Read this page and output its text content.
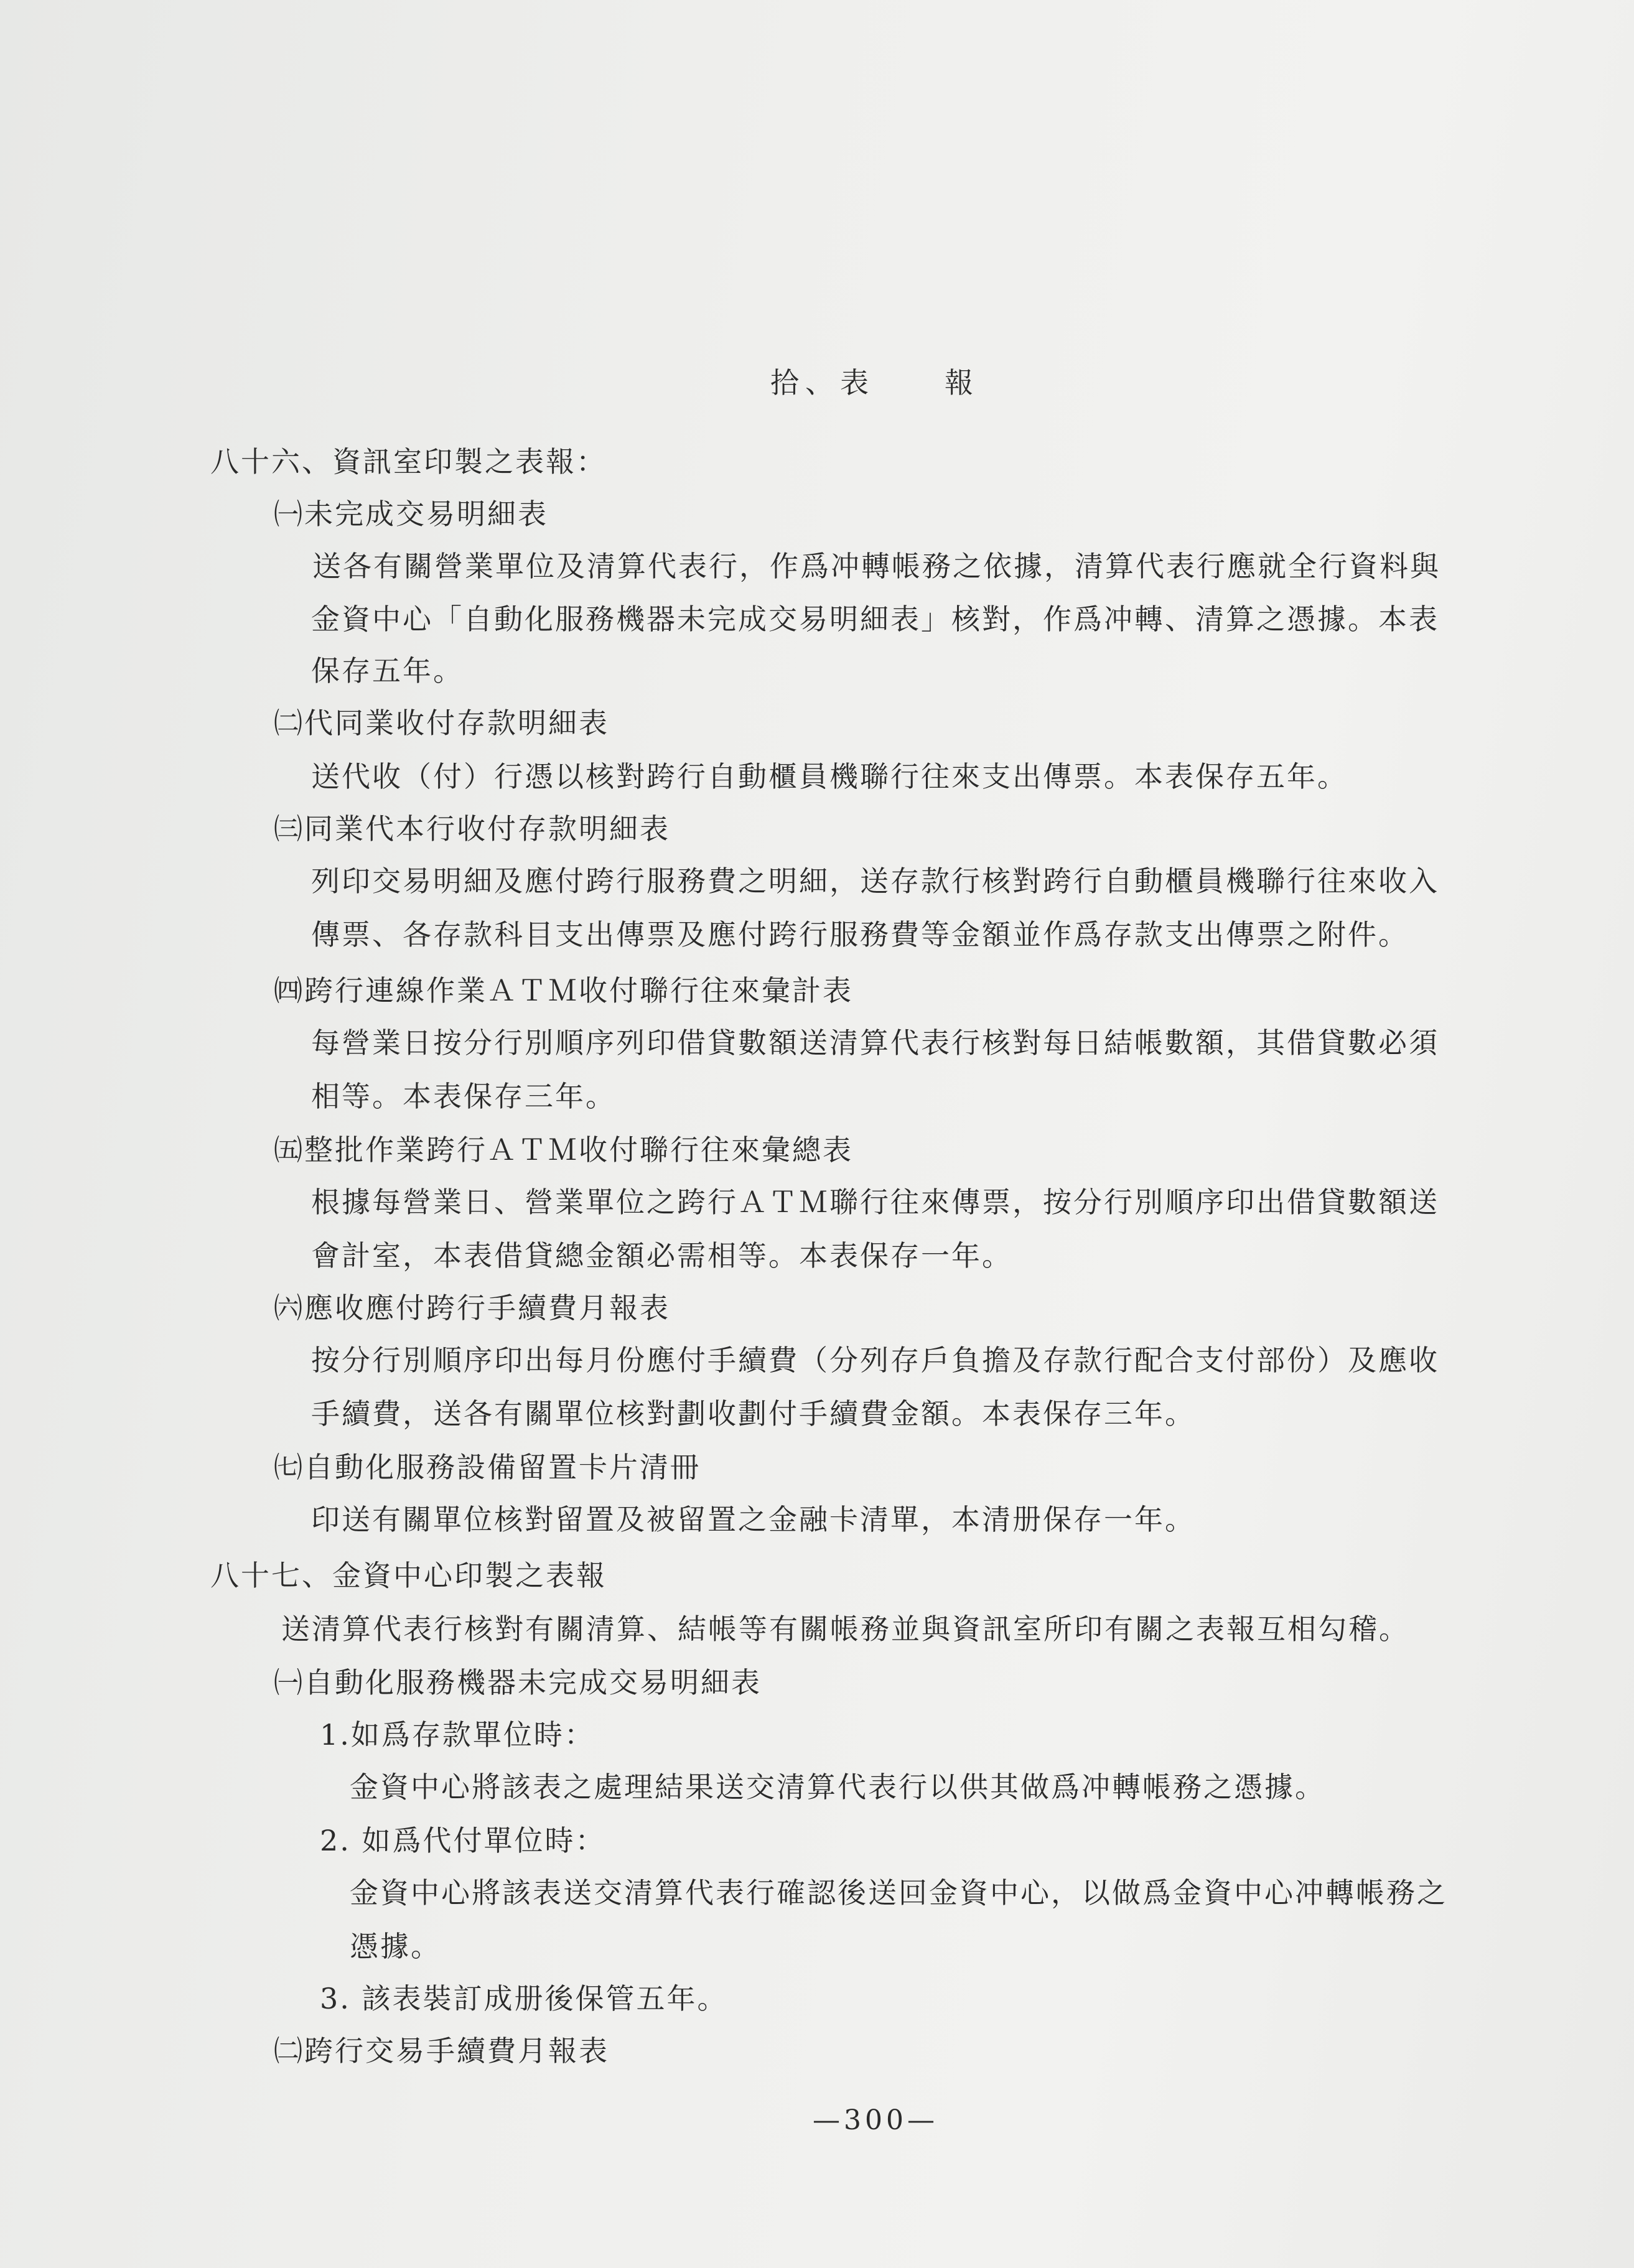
拾、表　　報
八十六、資訊室印製之表報：
㈠未完成交易明細表
送各有關營業單位及清算代表行，作爲冲轉帳務之依據，清算代表行應就全行資料與
金資中心「自動化服務機器未完成交易明細表」核對，作爲冲轉、清算之憑據。本表
保存五年。
㈡代同業收付存款明細表
送代收（付）行憑以核對跨行自動櫃員機聯行往來支出傳票。本表保存五年。
㈢同業代本行收付存款明細表
列印交易明細及應付跨行服務費之明細，送存款行核對跨行自動櫃員機聯行往來收入
傳票、各存款科目支出傳票及應付跨行服務費等金額並作爲存款支出傳票之附件。
㈣跨行連線作業ＡＴＭ收付聯行往來彙計表
每營業日按分行別順序列印借貸數額送清算代表行核對每日結帳數額，其借貸數必須
相等。本表保存三年。
㈤整批作業跨行ＡＴＭ收付聯行往來彙總表
根據每營業日、營業單位之跨行ＡＴＭ聯行往來傳票，按分行別順序印出借貸數額送
會計室，本表借貸總金額必需相等。本表保存一年。
㈥應收應付跨行手續費月報表
按分行別順序印出每月份應付手續費（分列存戶負擔及存款行配合支付部份）及應收
手續費，送各有關單位核對劃收劃付手續費金額。本表保存三年。
㈦自動化服務設備留置卡片清冊
印送有關單位核對留置及被留置之金融卡清單，本清册保存一年。
八十七、金資中心印製之表報
送清算代表行核對有關清算、結帳等有關帳務並與資訊室所印有關之表報互相勾稽。
㈠自動化服務機器未完成交易明細表
1.如爲存款單位時：
金資中心將該表之處理結果送交清算代表行以供其做爲冲轉帳務之憑據。
2. 如爲代付單位時：
金資中心將該表送交清算代表行確認後送回金資中心，以做爲金資中心冲轉帳務之
憑據。
3. 該表裝訂成册後保管五年。
㈡跨行交易手續費月報表
—300—
